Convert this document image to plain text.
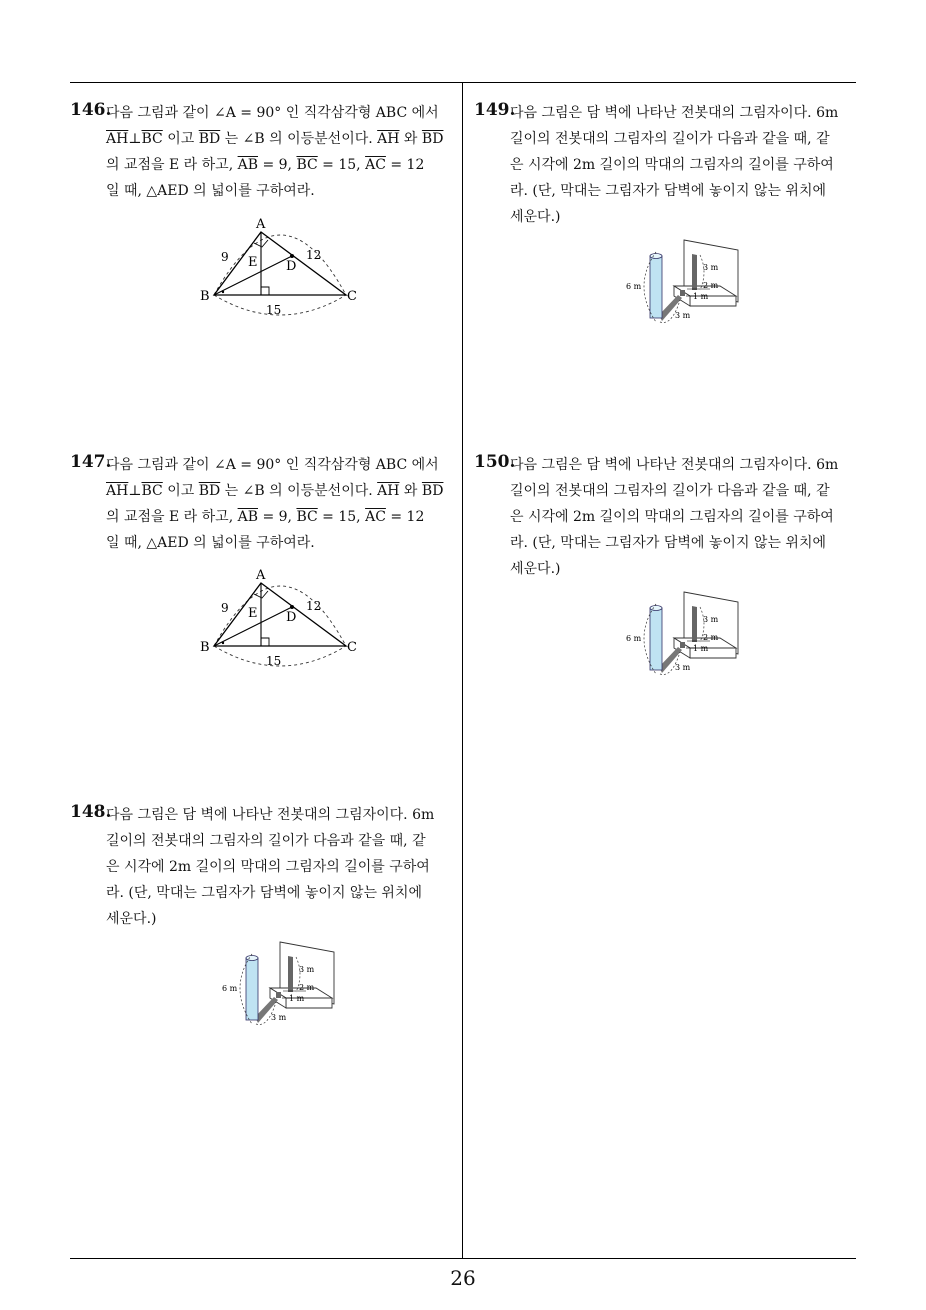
146.
다음 그림과 같이 ∠A = 90° 인 직각삼각형 ABC 에서
$\overline{AH}\perp\overline{BC}$ 이고 $\overline{BD}$ 는 ∠B 의 이등분선이다. $\overline{AH}$ 와 $\overline{BD}$
의 교점을 E 라 하고, $\overline{AB} = 9$, $\overline{BC} = 15$, $\overline{AC} = 12$
일 때, △AED 의 넓이를 구하여라.
A
B	C
D
E
9	12
15
147.
다음 그림과 같이 ∠A = 90° 인 직각삼각형 ABC 에서
$\overline{AH}\perp\overline{BC}$ 이고 $\overline{BD}$ 는 ∠B 의 이등분선이다. $\overline{AH}$ 와 $\overline{BD}$
의 교점을 E 라 하고, $\overline{AB} = 9$, $\overline{BC} = 15$, $\overline{AC} = 12$
일 때, △AED 의 넓이를 구하여라.
A
B	C
D
E
9	12
15
148.
다음 그림은 담 벽에 나타난 전봇대의 그림자이다. 6m
길이의 전봇대의 그림자의 길이가 다음과 같을 때, 같
은 시각에 2m 길이의 막대의 그림자의 길이를 구하여
라. (단, 막대는 그림자가 담벽에 놓이지 않는 위치에
세운다.)
6 m
3 m
2 m
1 m
3 m
149.
다음 그림은 담 벽에 나타난 전봇대의 그림자이다. 6m
길이의 전봇대의 그림자의 길이가 다음과 같을 때, 같
은 시각에 2m 길이의 막대의 그림자의 길이를 구하여
라. (단, 막대는 그림자가 담벽에 놓이지 않는 위치에
세운다.)
6 m
3 m
2 m
1 m
3 m
150.
다음 그림은 담 벽에 나타난 전봇대의 그림자이다. 6m
길이의 전봇대의 그림자의 길이가 다음과 같을 때, 같
은 시각에 2m 길이의 막대의 그림자의 길이를 구하여
라. (단, 막대는 그림자가 담벽에 놓이지 않는 위치에
세운다.)
6 m
3 m
2 m
1 m
3 m
26
